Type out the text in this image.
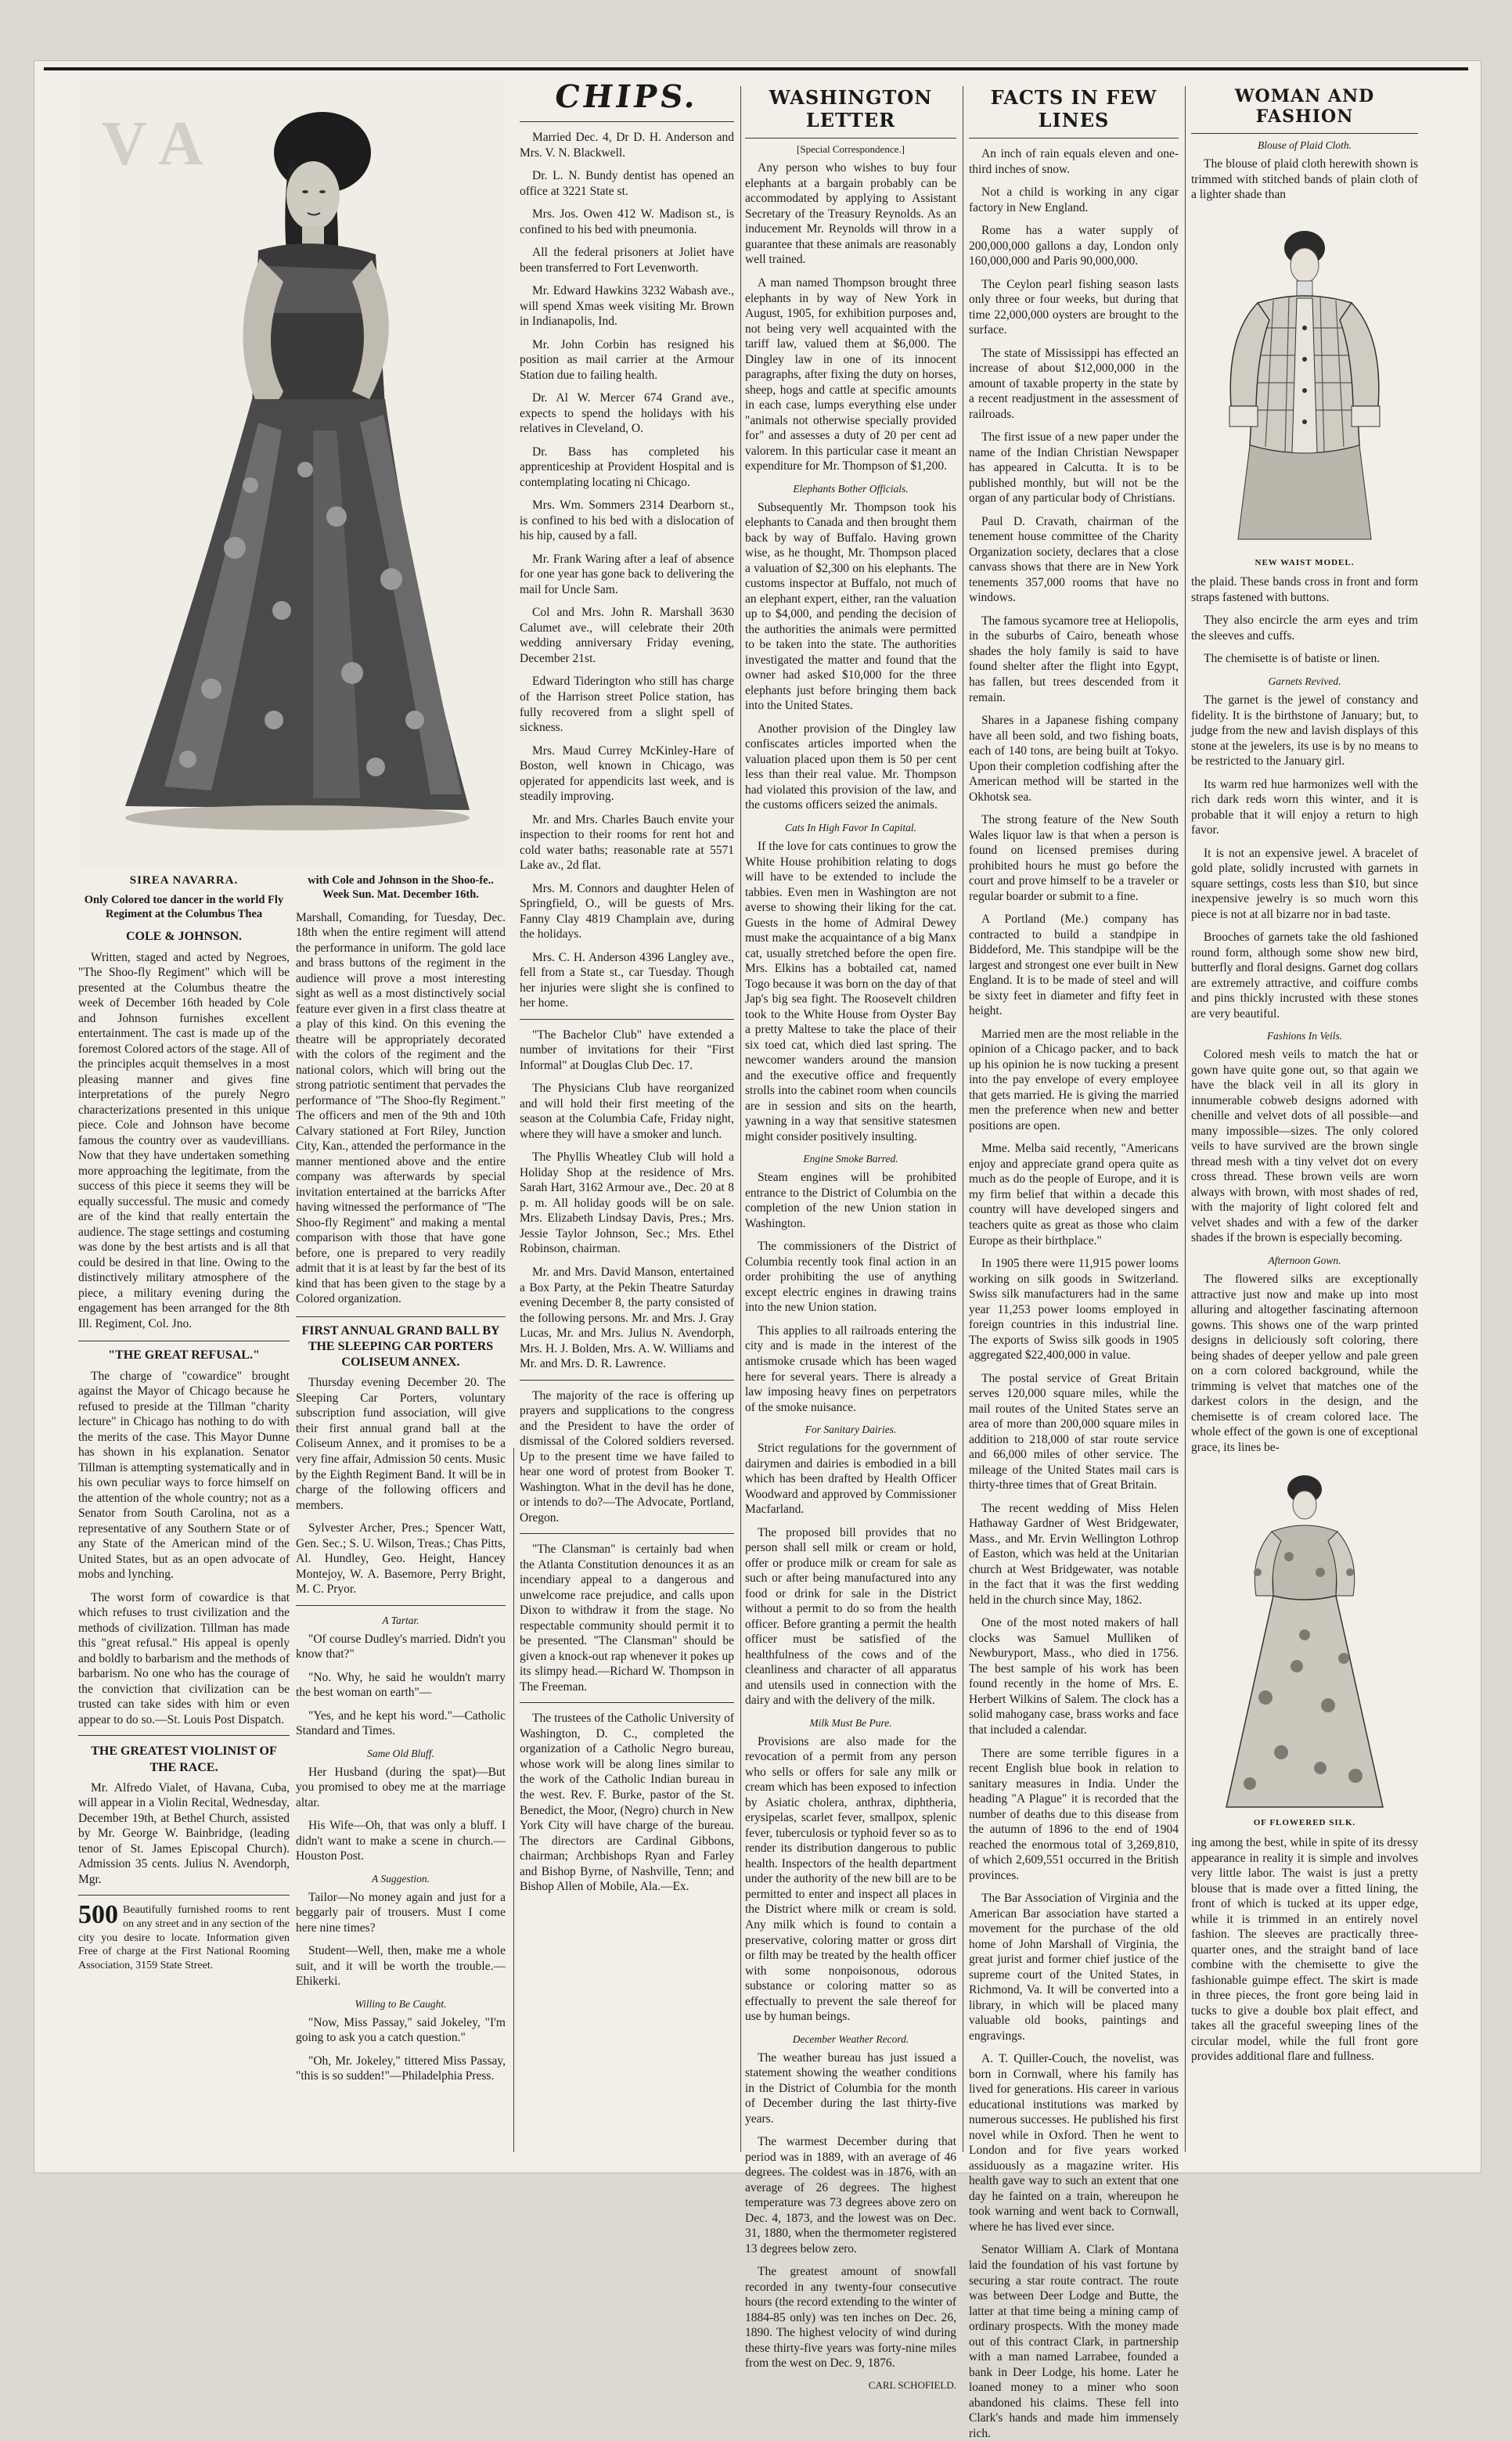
V A

SIREA NAVARRA.

Only Colored toe dancer in the world Fly Regiment at the Columbus Thea

COLE & JOHNSON.

Written, staged and acted by Negroes, "The Shoo-fly Regiment" which will be presented at the Columbus theatre the week of December 16th headed by Cole and Johnson furnishes excellent entertainment. The cast is made up of the foremost Colored actors of the stage. All of the principles acquit themselves in a most pleasing manner and gives fine interpretations of the purely Negro characterizations presented in this unique piece. Cole and Johnson have become famous the country over as vaudevillians. Now that they have undertaken something more approaching the legitimate, from the success of this piece it seems they will be equally successful. The music and comedy are of the kind that really entertain the audience. The stage settings and costuming was done by the best artists and is all that could be desired in that line. Owing to the distinctively military atmosphere of the piece, a military evening during the engagement has been arranged for the 8th Ill. Regiment, Col. Jno.

"THE GREAT REFUSAL."

The charge of "cowardice" brought against the Mayor of Chicago because he refused to preside at the Tillman "charity lecture" in Chicago has nothing to do with the merits of the case. This Mayor Dunne has shown in his explanation. Senator Tillman is attempting systematically and in his own peculiar ways to force himself on the attention of the whole country; not as a Senator from South Carolina, not as a representative of any Southern State or of any State of the American mind of the United States, but as an open advocate of mobs and lynching.

The worst form of cowardice is that which refuses to trust civilization and the methods of civilization. Tillman has made this "great refusal." His appeal is openly and boldly to barbarism and the methods of barbarism. No one who has the courage of the conviction that civilization can be trusted can take sides with him or even appear to do so.—St. Louis Post Dispatch.

THE GREATEST VIOLINIST OF THE RACE.

Mr. Alfredo Vialet, of Havana, Cuba, will appear in a Violin Recital, Wednesday, December 19th, at Bethel Church, assisted by Mr. George W. Bainbridge, (leading tenor of St. James Episcopal Church). Admission 35 cents. Julius N. Avendorph, Mgr.

500 Beautifully furnished rooms to rent on any street and in any section of the city you desire to locate. Information given Free of charge at the First National Rooming Association, 3159 State Street.

with Cole and Johnson in the Shoo-fe.. Week Sun. Mat. December 16th.

Marshall, Comanding, for Tuesday, Dec. 18th when the entire regiment will attend the performance in uniform. The gold lace and brass buttons of the regiment in the audience will prove a most interesting sight as well as a most distinctively social feature ever given in a first class theatre at a play of this kind. On this evening the theatre will be appropriately decorated with the colors of the regiment and the national colors, which will bring out the strong patriotic sentiment that pervades the performance of "The Shoo-fly Regiment." The officers and men of the 9th and 10th Calvary stationed at Fort Riley, Junction City, Kan., attended the performance in the manner mentioned above and the entire company was afterwards by special invitation entertained at the barricks After having witnessed the performance of "The Shoo-fly Regiment" and making a mental comparison with those that have gone before, one is prepared to very readily admit that it is at least by far the best of its kind that has been given to the stage by a Colored organization.

FIRST ANNUAL GRAND BALL BY THE SLEEPING CAR PORTERS COLISEUM ANNEX.

Thursday evening December 20. The Sleeping Car Porters, voluntary subscription fund association, will give their first annual grand ball at the Coliseum Annex, and it promises to be a very fine affair, Admission 50 cents. Music by the Eighth Regiment Band. It will be in charge of the following officers and members.

Sylvester Archer, Pres.; Spencer Watt, Gen. Sec.; S. U. Wilson, Treas.; Chas Pitts, Al. Hundley, Geo. Height, Hancey Montejoy, W. A. Basemore, Perry Bright, M. C. Pryor.

A Tartar.

"Of course Dudley's married. Didn't you know that?"

"No. Why, he said he wouldn't marry the best woman on earth"—

"Yes, and he kept his word."—Catholic Standard and Times.

Same Old Bluff.

Her Husband (during the spat)—But you promised to obey me at the marriage altar.

His Wife—Oh, that was only a bluff. I didn't want to make a scene in church.—Houston Post.

A Suggestion.

Tailor—No money again and just for a beggarly pair of trousers. Must I come here nine times?

Student—Well, then, make me a whole suit, and it will be worth the trouble.—Ehikerki.

Willing to Be Caught.

"Now, Miss Passay," said Jokeley, "I'm going to ask you a catch question."

"Oh, Mr. Jokeley," tittered Miss Passay, "this is so sudden!"—Philadelphia Press.

CHIPS.

Married Dec. 4, Dr D. H. Anderson and Mrs. V. N. Blackwell.

Dr. L. N. Bundy dentist has opened an office at 3221 State st.

Mrs. Jos. Owen 412 W. Madison st., is confined to his bed with pneumonia.

All the federal prisoners at Joliet have been transferred to Fort Levenworth.

Mr. Edward Hawkins 3232 Wabash ave., will spend Xmas week visiting Mr. Brown in Indianapolis, Ind.

Mr. John Corbin has resigned his position as mail carrier at the Armour Station due to failing health.

Dr. Al W. Mercer 674 Grand ave., expects to spend the holidays with his relatives in Cleveland, O.

Dr. Bass has completed his apprenticeship at Provident Hospital and is contemplating locating ni Chicago.

Mrs. Wm. Sommers 2314 Dearborn st., is confined to his bed with a dislocation of his hip, caused by a fall.

Mr. Frank Waring after a leaf of absence for one year has gone back to delivering the mail for Uncle Sam.

Col and Mrs. John R. Marshall 3630 Calumet ave., will celebrate their 20th wedding anniversary Friday evening, December 21st.

Edward Tiderington who still has charge of the Harrison street Police station, has fully recovered from a slight spell of sickness.

Mrs. Maud Currey McKinley-Hare of Boston, well known in Chicago, was opjerated for appendicits last week, and is steadily improving.

Mr. and Mrs. Charles Bauch envite your inspection to their rooms for rent hot and cold water baths; reasonable rate at 5571 Lake av., 2d flat.

Mrs. M. Connors and daughter Helen of Springfield, O., will be guests of Mrs. Fanny Clay 4819 Champlain ave, during the holidays.

Mrs. C. H. Anderson 4396 Langley ave., fell from a State st., car Tuesday. Though her injuries were slight she is confined to her home.

"The Bachelor Club" have extended a number of invitations for their "First Informal" at Douglas Club Dec. 17.

The Physicians Club have reorganized and will hold their first meeting of the season at the Columbia Cafe, Friday night, where they will have a smoker and lunch.

The Phyllis Wheatley Club will hold a Holiday Shop at the residence of Mrs. Sarah Hart, 3162 Armour ave., Dec. 20 at 8 p. m. All holiday goods will be on sale. Mrs. Elizabeth Lindsay Davis, Pres.; Mrs. Jessie Taylor Johnson, Sec.; Mrs. Ethel Robinson, chairman.

Mr. and Mrs. David Manson, entertained a Box Party, at the Pekin Theatre Saturday evening December 8, the party consisted of the following persons. Mr. and Mrs. J. Gray Lucas, Mr. and Mrs. Julius N. Avendorph, Mrs. H. J. Bolden, Mrs. A. W. Williams and Mr. and Mrs. D. R. Lawrence.

The majority of the race is offering up prayers and supplications to the congress and the President to have the order of dismissal of the Colored soldiers reversed. Up to the present time we have failed to hear one word of protest from Booker T. Washington. What in the devil has he done, or intends to do?—The Advocate, Portland, Oregon.

"The Clansman" is certainly bad when the Atlanta Constitution denounces it as an incendiary appeal to a dangerous and unwelcome race prejudice, and calls upon Dixon to withdraw it from the stage. No respectable community should permit it to be presented. "The Clansman" should be given a knock-out rap whenever it pokes up its slimpy head.—Richard W. Thompson in The Freeman.

The trustees of the Catholic University of Washington, D. C., completed the organization of a Catholic Negro bureau, whose work will be along lines similar to the work of the Catholic Indian bureau in the west. Rev. F. Burke, pastor of the St. Benedict, the Moor, (Negro) church in New York City will have charge of the bureau. The directors are Cardinal Gibbons, chairman; Archbishops Ryan and Farley and Bishop Byrne, of Nashville, Tenn; and Bishop Allen of Mobile, Ala.—Ex.

WASHINGTON LETTER

[Special Correspondence.]

Any person who wishes to buy four elephants at a bargain probably can be accommodated by applying to Assistant Secretary of the Treasury Reynolds. As an inducement Mr. Reynolds will throw in a guarantee that these animals are reasonably well trained.

A man named Thompson brought three elephants in by way of New York in August, 1905, for exhibition purposes and, not being very well acquainted with the tariff law, valued them at $6,000. The Dingley law in one of its innocent paragraphs, after fixing the duty on horses, sheep, hogs and cattle at specific amounts in each case, lumps everything else under "animals not otherwise specially provided for" and assesses a duty of 20 per cent ad valorem. In this particular case it meant an expenditure for Mr. Thompson of $1,200.

Elephants Bother Officials.

Subsequently Mr. Thompson took his elephants to Canada and then brought them back by way of Buffalo. Having grown wise, as he thought, Mr. Thompson placed a valuation of $2,300 on his elephants. The customs inspector at Buffalo, not much of an elephant expert, either, ran the valuation up to $4,000, and pending the decision of the authorities the animals were permitted to be taken into the state. The authorities investigated the matter and found that the owner had asked $10,000 for the three elephants just before bringing them back into the United States.

Another provision of the Dingley law confiscates articles imported when the valuation placed upon them is 50 per cent less than their real value. Mr. Thompson had violated this provision of the law, and the customs officers seized the animals.

Cats In High Favor In Capital.

If the love for cats continues to grow the White House prohibition relating to dogs will have to be extended to include the tabbies. Even men in Washington are not averse to showing their liking for the cat. Guests in the home of Admiral Dewey must make the acquaintance of a big Manx cat, usually stretched before the open fire. Mrs. Elkins has a bobtailed cat, named Togo because it was born on the day of that Jap's big sea fight. The Roosevelt children took to the White House from Oyster Bay a pretty Maltese to take the place of their six toed cat, which died last spring. The newcomer wanders around the mansion and the executive office and frequently strolls into the cabinet room when councils are in session and sits on the hearth, yawning in a way that sensitive statesmen might consider positively insulting.

Engine Smoke Barred.

Steam engines will be prohibited entrance to the District of Columbia on the completion of the new Union station in Washington.

The commissioners of the District of Columbia recently took final action in an order prohibiting the use of anything except electric engines in drawing trains into the new Union station.

This applies to all railroads entering the city and is made in the interest of the antismoke crusade which has been waged here for several years. There is already a law imposing heavy fines on perpetrators of the smoke nuisance.

For Sanitary Dairies.

Strict regulations for the government of dairymen and dairies is embodied in a bill which has been drafted by Health Officer Woodward and approved by Commissioner Macfarland.

The proposed bill provides that no person shall sell milk or cream or hold, offer or produce milk or cream for sale as such or after being manufactured into any food or drink for sale in the District without a permit to do so from the health officer. Before granting a permit the health officer must be satisfied of the healthfulness of the cows and of the cleanliness and character of all apparatus and utensils used in connection with the dairy and with the delivery of the milk.

Milk Must Be Pure.

Provisions are also made for the revocation of a permit from any person who sells or offers for sale any milk or cream which has been exposed to infection by Asiatic cholera, anthrax, diphtheria, erysipelas, scarlet fever, smallpox, splenic fever, tuberculosis or typhoid fever so as to render its distribution dangerous to public health. Inspectors of the health department under the authority of the new bill are to be permitted to enter and inspect all places in the District where milk or cream is sold. Any milk which is found to contain a preservative, coloring matter or gross dirt or filth may be treated by the health officer with some nonpoisonous, odorous substance or coloring matter so as effectually to prevent the sale thereof for use by human beings.

December Weather Record.

The weather bureau has just issued a statement showing the weather conditions in the District of Columbia for the month of December during the last thirty-five years.

The warmest December during that period was in 1889, with an average of 46 degrees. The coldest was in 1876, with an average of 26 degrees. The highest temperature was 73 degrees above zero on Dec. 4, 1873, and the lowest was on Dec. 31, 1880, when the thermometer registered 13 degrees below zero.

The greatest amount of snowfall recorded in any twenty-four consecutive hours (the record extending to the winter of 1884-85 only) was ten inches on Dec. 26, 1890. The highest velocity of wind during these thirty-five years was forty-nine miles from the west on Dec. 9, 1876.

CARL SCHOFIELD.

FACTS IN FEW LINES

An inch of rain equals eleven and one-third inches of snow.

Not a child is working in any cigar factory in New England.

Rome has a water supply of 200,000,000 gallons a day, London only 160,000,000 and Paris 90,000,000.

The Ceylon pearl fishing season lasts only three or four weeks, but during that time 22,000,000 oysters are brought to the surface.

The state of Mississippi has effected an increase of about $12,000,000 in the amount of taxable property in the state by a recent readjustment in the assessment of railroads.

The first issue of a new paper under the name of the Indian Christian Newspaper has appeared in Calcutta. It is to be published monthly, but will not be the organ of any particular body of Christians.

Paul D. Cravath, chairman of the tenement house committee of the Charity Organization society, declares that a close canvass shows that there are in New York tenements 357,000 rooms that have no windows.

The famous sycamore tree at Heliopolis, in the suburbs of Cairo, beneath whose shades the holy family is said to have found shelter after the flight into Egypt, has fallen, but trees descended from it remain.

Shares in a Japanese fishing company have all been sold, and two fishing boats, each of 140 tons, are being built at Tokyo. Upon their completion codfishing after the American method will be started in the Okhotsk sea.

The strong feature of the New South Wales liquor law is that when a person is found on licensed premises during prohibited hours he must go before the court and prove himself to be a traveler or regular boarder or submit to a fine.

A Portland (Me.) company has contracted to build a standpipe in Biddeford, Me. This standpipe will be the largest and strongest one ever built in New England. It is to be made of steel and will be sixty feet in diameter and fifty feet in height.

Married men are the most reliable in the opinion of a Chicago packer, and to back up his opinion he is now tucking a present into the pay envelope of every employee that gets married. He is giving the married men the preference when new and better positions are open.

Mme. Melba said recently, "Americans enjoy and appreciate grand opera quite as much as do the people of Europe, and it is my firm belief that within a decade this country will have developed singers and teachers quite as great as those who claim Europe as their birthplace."

In 1905 there were 11,915 power looms working on silk goods in Switzerland. Swiss silk manufacturers had in the same year 11,253 power looms employed in foreign countries in this industrial line. The exports of Swiss silk goods in 1905 aggregated $22,400,000 in value.

The postal service of Great Britain serves 120,000 square miles, while the mail routes of the United States serve an area of more than 200,000 square miles in addition to 218,000 of star route service and 66,000 miles of other service. The mileage of the United States mail cars is thirty-three times that of Great Britain.

The recent wedding of Miss Helen Hathaway Gardner of West Bridgewater, Mass., and Mr. Ervin Wellington Lothrop of Easton, which was held at the Unitarian church at West Bridgewater, was notable in the fact that it was the first wedding held in the church since May, 1862.

One of the most noted makers of hall clocks was Samuel Mulliken of Newburyport, Mass., who died in 1756. The best sample of his work has been found recently in the home of Mrs. E. Herbert Wilkins of Salem. The clock has a solid mahogany case, brass works and face that included a calendar.

There are some terrible figures in a recent English blue book in relation to sanitary measures in India. Under the heading "A Plague" it is recorded that the number of deaths due to this disease from the autumn of 1896 to the end of 1904 reached the enormous total of 3,269,810, of which 2,609,551 occurred in the British provinces.

The Bar Association of Virginia and the American Bar association have started a movement for the purchase of the old home of John Marshall of Virginia, the great jurist and former chief justice of the supreme court of the United States, in Richmond, Va. It will be converted into a library, in which will be placed many valuable old books, paintings and engravings.

A. T. Quiller-Couch, the novelist, was born in Cornwall, where his family has lived for generations. His career in various educational institutions was marked by numerous successes. He published his first novel while in Oxford. Then he went to London and for five years worked assiduously as a magazine writer. His health gave way to such an extent that one day he fainted on a train, whereupon he took warning and went back to Cornwall, where he has lived ever since.

Senator William A. Clark of Montana laid the foundation of his vast fortune by securing a star route contract. The route was between Deer Lodge and Butte, the latter at that time being a mining camp of ordinary prospects. With the money made out of this contract Clark, in partnership with a man named Larrabee, founded a bank in Deer Lodge, his home. Later he loaned money to a miner who soon abandoned his claims. These fell into Clark's hands and made him immensely rich.

WOMAN AND FASHION

Blouse of Plaid Cloth.

The blouse of plaid cloth herewith shown is trimmed with stitched bands of plain cloth of a lighter shade than

NEW WAIST MODEL.

the plaid. These bands cross in front and form straps fastened with buttons.

They also encircle the arm eyes and trim the sleeves and cuffs.

The chemisette is of batiste or linen.

Garnets Revived.

The garnet is the jewel of constancy and fidelity. It is the birthstone of January; but, to judge from the new and lavish displays of this stone at the jewelers, its use is by no means to be restricted to the January girl.

Its warm red hue harmonizes well with the rich dark reds worn this winter, and it is probable that it will enjoy a return to high favor.

It is not an expensive jewel. A bracelet of gold plate, solidly incrusted with garnets in square settings, costs less than $10, but since inexpensive jewelry is so much worn this piece is not at all bizarre nor in bad taste.

Brooches of garnets take the old fashioned round form, although some show new bird, butterfly and floral designs. Garnet dog collars are extremely attractive, and coiffure combs and pins thickly incrusted with these stones are very beautiful.

Fashions In Veils.

Colored mesh veils to match the hat or gown have quite gone out, so that again we have the black veil in all its glory in innumerable cobweb designs adorned with chenille and velvet dots of all possible—and many impossible—sizes. The only colored veils to have survived are the brown single thread mesh with a tiny velvet dot on every cross thread. These brown veils are worn always with brown, with most shades of red, with the majority of light colored felt and velvet shades and with a few of the darker shades if the brown is especially becoming.

Afternoon Gown.

The flowered silks are exceptionally attractive just now and make up into most alluring and altogether fascinating afternoon gowns. This shows one of the warp printed designs in deliciously soft coloring, there being shades of deeper yellow and pale green on a corn colored background, while the trimming is velvet that matches one of the darkest colors in the design, and the chemisette is of cream colored lace. The whole effect of the gown is one of exceptional grace, its lines be-

OF FLOWERED SILK.

ing among the best, while in spite of its dressy appearance in reality it is simple and involves very little labor. The waist is just a pretty blouse that is made over a fitted lining, the front of which is tucked at its upper edge, while it is trimmed in an entirely novel fashion. The sleeves are practically three-quarter ones, and the straight band of lace combine with the chemisette to give the fashionable guimpe effect. The skirt is made in three pieces, the front gore being laid in tucks to give a double box plait effect, and takes all the graceful sweeping lines of the circular model, while the full front gore provides additional flare and fullness.
